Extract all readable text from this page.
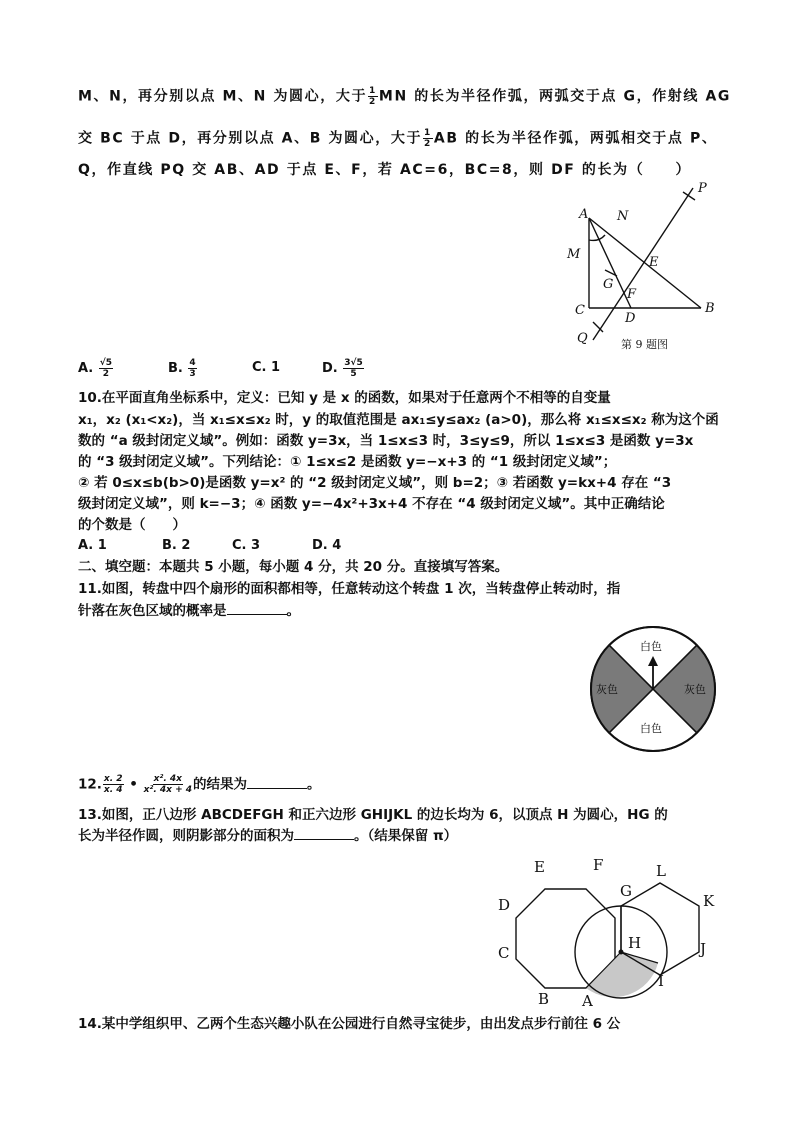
M、N，再分别以点 M、N 为圆心，大于 $\frac{1}{2}$ MN 的长为半径作弧，两弧交于点 G，作射线 AG
交 BC 于点 D，再分别以点 A、B 为圆心，大于 $\frac{1}{2}$ AB 的长为半径作弧，两弧相交于点 P、
Q，作直线 PQ 交 AB、AD 于点 E、F，若 AC=6，BC=8，则 DF 的长为（　　）
A N
P
M
E
G
F
C
D
B
Q	第 9 题图
A. $\frac{√5}{2}$	B. $\frac{4}{3}$	C. 1	D. $\frac{3√5}{5}$
10.在平面直角坐标系中，定义：已知 y 是 x 的函数，如果对于任意两个不相等的自变量
x₁，x₂ (x₁<x₂)，当 x₁≤x≤x₂ 时，y 的取值范围是 ax₁≤y≤ax₂ (a>0)，那么将 x₁≤x≤x₂ 称为这个函
数的 “a 级封闭定义域”。例如：函数 y=3x，当 1≤x≤3 时，3≤y≤9，所以 1≤x≤3 是函数 y=3x
的 “3 级封闭定义域”。下列结论：① 1≤x≤2 是函数 y=−x+3 的 “1 级封闭定义域”；
② 若 0≤x≤b(b>0)是函数 y=x² 的 “2 级封闭定义域”，则 b=2；③ 若函数 y=kx+4 存在 “3
级封闭定义域”，则 k=−3；④ 函数 y=−4x²+3x+4 不存在 “4 级封闭定义域”。其中正确结论
的个数是（　　）
A. 1	B. 2	C. 3	D. 4
二、填空题：本题共 5 小题，每小题 4 分，共 20 分。直接填写答案。
11.如图，转盘中四个扇形的面积都相等，任意转动这个转盘 1 次，当转盘停止转动时，指
针落在灰色区域的概率是	。
白色
白色
灰色	灰色
12. $\frac{x. 2}{x. 4}$ • $\frac{\text{x². 4x}}{\text{x². 4x + 4}}$ 的结果为	。
13.如图，正八边形 ABCDEFGH 和正六边形 GHIJKL 的边长均为 6，以顶点 H 为圆心，HG 的
长为半径作圆，则阴影部分的面积为	。（结果保留 π）
E	F
G
L
K
D
H
C	J
I
B A
14.某中学组织甲、乙两个生态兴趣小队在公园进行自然寻宝徒步，由出发点步行前往 6 公
